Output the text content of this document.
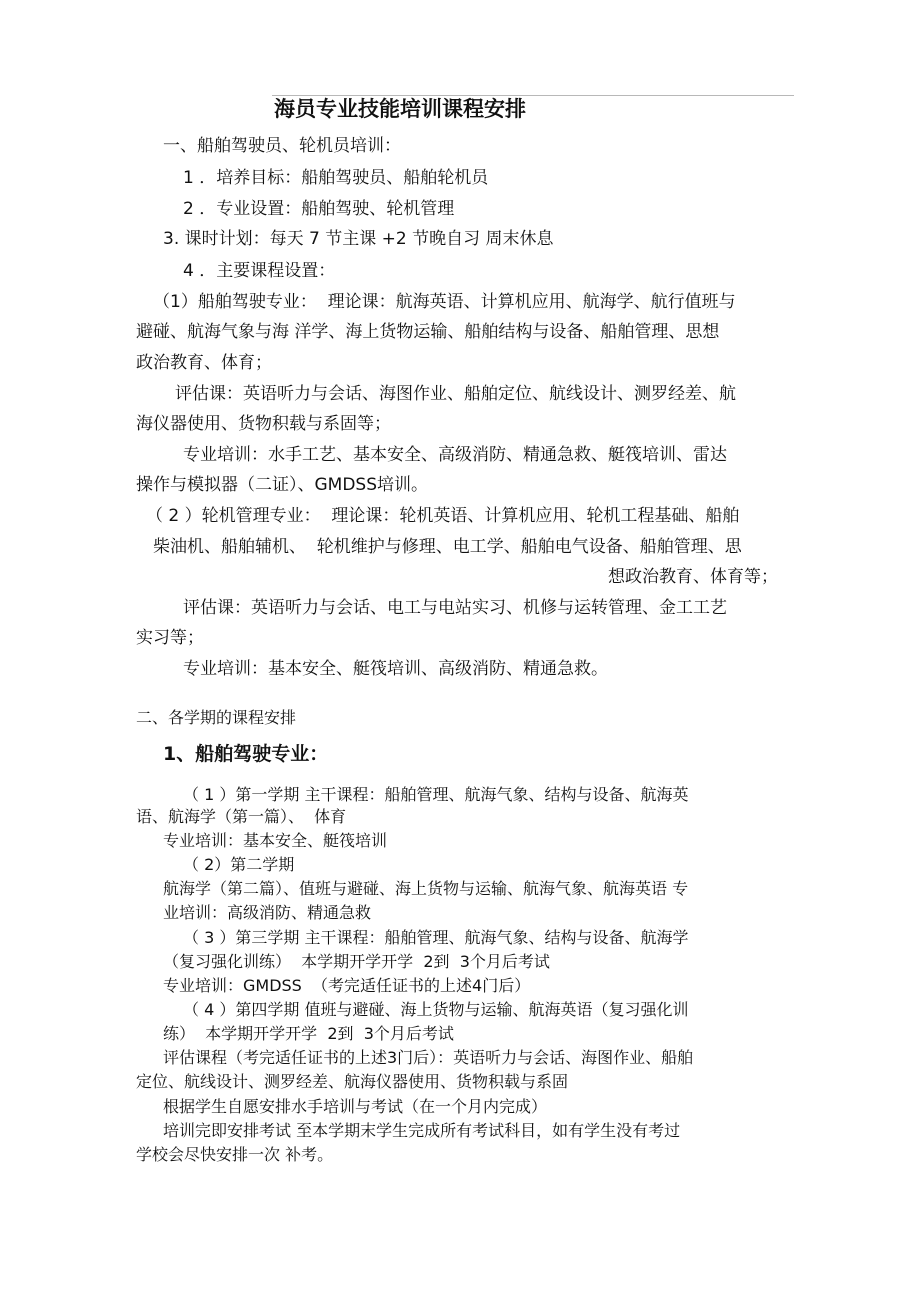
海员专业技能培训课程安排
一、船舶驾驶员、轮机员培训：
1 ．培养目标：船舶驾驶员、船舶轮机员
2 ．专业设置：船舶驾驶、轮机管理
3. 课时计划：每天 7 节主课 +2 节晚自习 周末休息
4 ．主要课程设置：
（1）船舶驾驶专业：  理论课：航海英语、计算机应用、航海学、航行值班与
避碰、航海气象与海 洋学、海上货物运输、船舶结构与设备、船舶管理、思想
政治教育、体育；
评估课：英语听力与会话、海图作业、船舶定位、航线设计、测罗经差、航
海仪器使用、货物积载与系固等；
专业培训：水手工艺、基本安全、高级消防、精通急救、艇筏培训、雷达
操作与模拟器（二证）、GMDSS培训。
（ 2 ）轮机管理专业：  理论课：轮机英语、计算机应用、轮机工程基础、船舶
柴油机、船舶辅机、  轮机维护与修理、电工学、船舶电气设备、船舶管理、思
想政治教育、体育等；
评估课：英语听力与会话、电工与电站实习、机修与运转管理、金工工艺
实习等；
专业培训：基本安全、艇筏培训、高级消防、精通急救。
二、各学期的课程安排
1、船舶驾驶专业：
（ 1 ）第一学期 主干课程：船舶管理、航海气象、结构与设备、航海英
语、航海学（第一篇）、  体育
专业培训：基本安全、艇筏培训
（ 2）第二学期
航海学（第二篇）、值班与避碰、海上货物与运输、航海气象、航海英语 专
业培训：高级消防、精通急救
（ 3 ）第三学期 主干课程：船舶管理、航海气象、结构与设备、航海学
（复习强化训练）  本学期开学开学  2到  3个月后考试
专业培训：GMDSS  （考完适任证书的上述4门后）
（ 4 ）第四学期 值班与避碰、海上货物与运输、航海英语（复习强化训
练）  本学期开学开学  2到  3个月后考试
评估课程（考完适任证书的上述3门后）：英语听力与会话、海图作业、船舶
定位、航线设计、测罗经差、航海仪器使用、货物积载与系固
根据学生自愿安排水手培训与考试（在一个月内完成）
培训完即安排考试 至本学期末学生完成所有考试科目，如有学生没有考过
学校会尽快安排一次 补考。
